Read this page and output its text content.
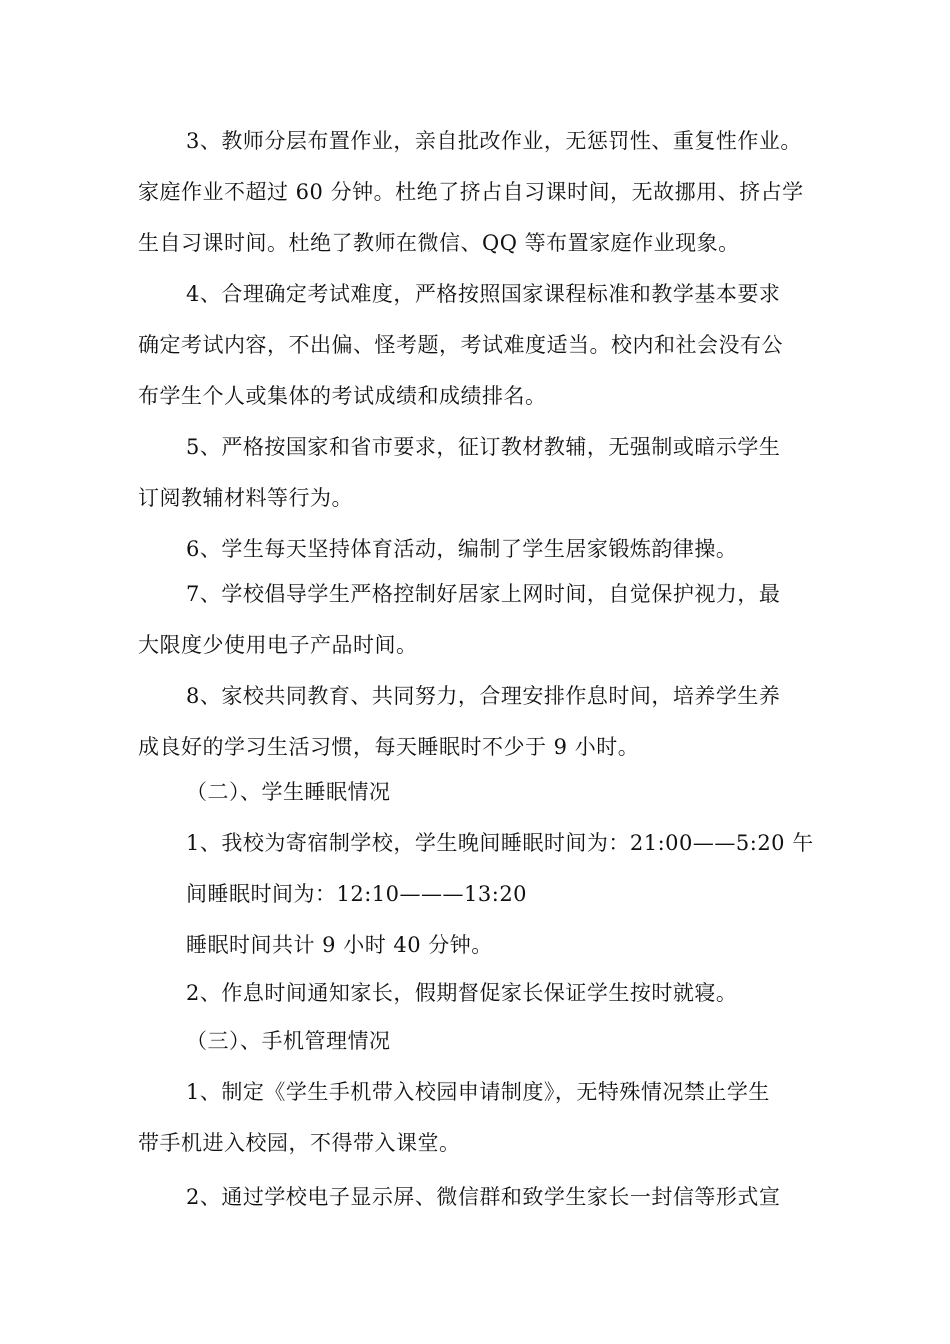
3、教师分层布置作业，亲自批改作业，无惩罚性、重复性作业。
家庭作业不超过 60 分钟。杜绝了挤占自习课时间，无故挪用、挤占学
生自习课时间。杜绝了教师在微信、QQ 等布置家庭作业现象。
4、合理确定考试难度，严格按照国家课程标准和教学基本要求
确定考试内容，不出偏、怪考题，考试难度适当。校内和社会没有公
布学生个人或集体的考试成绩和成绩排名。
5、严格按国家和省市要求，征订教材教辅，无强制或暗示学生
订阅教辅材料等行为。
6、学生每天坚持体育活动，编制了学生居家锻炼韵律操。
7、学校倡导学生严格控制好居家上网时间，自觉保护视力，最
大限度少使用电子产品时间。
8、家校共同教育、共同努力，合理安排作息时间，培养学生养
成良好的学习生活习惯，每天睡眠时不少于 9 小时。
（二）、学生睡眠情况
1、我校为寄宿制学校，学生晚间睡眠时间为：21:00——5:20 午
间睡眠时间为：12:10———13:20
睡眠时间共计 9 小时 40 分钟。
2、作息时间通知家长，假期督促家长保证学生按时就寝。
（三）、手机管理情况
1、制定《学生手机带入校园申请制度》，无特殊情况禁止学生
带手机进入校园，不得带入课堂。
2、通过学校电子显示屏、微信群和致学生家长一封信等形式宣
